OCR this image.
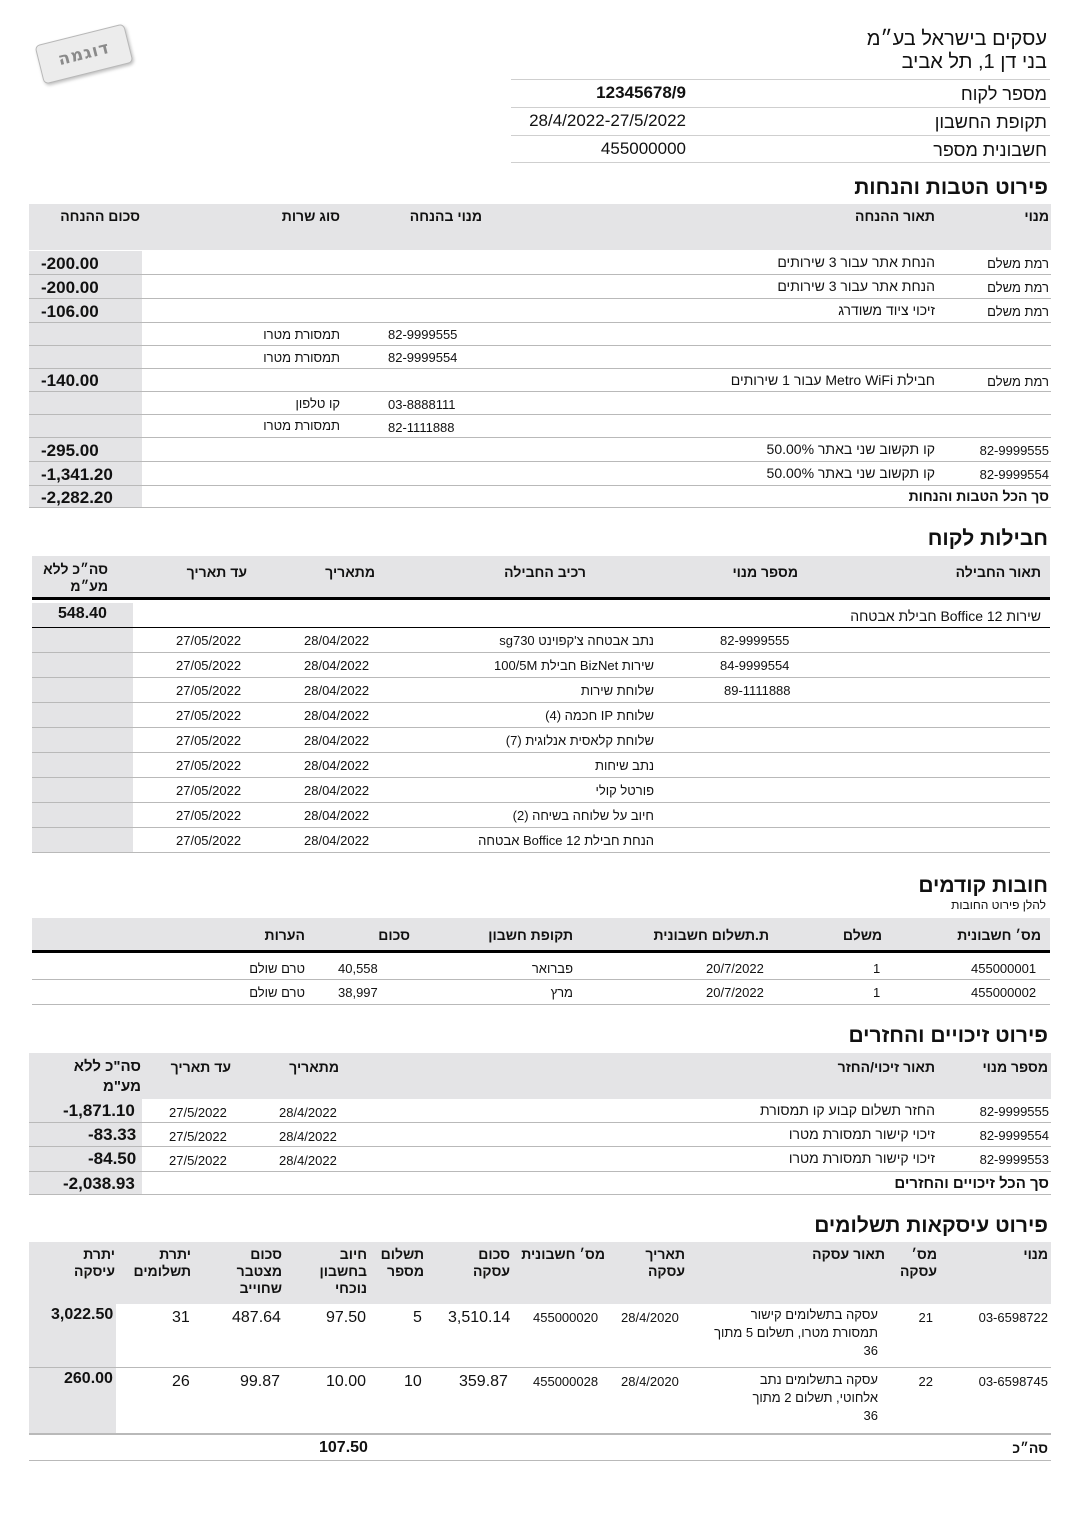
דוגמה	עסקים בישראל בע״מ
בני דן 1, תל אביב
מספר לקוח
12345678/9
תקופת החשבון
28/4/2022-27/5/2022
חשבונית מספר
455000000
פירוט הטבות והנחות
מנוי
תאור ההנחה
מנוי בהנחה
סוג שרות
סכום ההנחה
רמת משלם
הנחת אתר עבור 3 שירותים
-200.00
רמת משלם
הנחת אתר עבור 3 שירותים
-200.00
רמת משלם
זיכוי ציוד משודרג
-106.00
82-9999555
תמסורת מטרו
82-9999554
תמסורת מטרו
רמת משלם
חבילת Metro WiFi עבור 1 שירותים
-140.00
03-8888111
קו טלפון
82-1111888
תמסורת מטרו
82-9999555
קו תקשוב שני באתר 50.00%
-295.00
82-9999554
קו תקשוב שני באתר 50.00%
-1,341.20
סך הכל הטבות והנחות
-2,282.20
חבילות לקוח
תאור החבילה
מספר מנוי
רכיב החבילה
מתאריך
עד תאריך
סה״כ ללא מע״מ
שירות Boffice 12 חבילת אבטחה
548.40
82-9999555
נתב אבטחה צ'קפוינט sg730
28/04/2022
27/05/2022
84-9999554
שירות BizNet חבילת 100/5M
28/04/2022
27/05/2022
89-1111888
שלוחת שירות
28/04/2022
27/05/2022
שלוחת IP חכמה (4)
28/04/2022
27/05/2022
שלוחת קלאסית אנלוגית (7)
28/04/2022
27/05/2022
נתב שיחות
28/04/2022
27/05/2022
פורטל קולי
28/04/2022
27/05/2022
חיוב על שלוחה בשיחה (2)
28/04/2022
27/05/2022
הנחת חבילת Boffice 12 אבטחה
28/04/2022
27/05/2022
חובות קודמים
להלן פירוט החובות
מס׳ חשבונית
משלם
ת.תשלום חשבונית
תקופת חשבון
סכום
הערות
455000001
1
20/7/2022
פברואר
40,558
טרם שולם
455000002
1
20/7/2022
מרץ
38,997
טרם שולם
פירוט זיכויים והחזרים
מספר מנוי
תאור זיכוי/החזר
מתאריך
עד תאריך
סה"כ ללא מע"מ
82-9999555
החזר תשלום קבוע קו תמסורת
28/4/2022
27/5/2022
-1,871.10
82-9999554
זיכוי קישור תמסורת מטרו
28/4/2022
27/5/2022
-83.33
82-9999553
זיכוי קישור תמסורת מטרו
28/4/2022
27/5/2022
-84.50
סך הכל זיכויים והחזרים
-2,038.93
פירוט עיסקאות תשלומים
מנוי
מס׳
עסקה
תאור עסקה
תאריך
עסקה
מס׳ חשבונית
סכום
עסקה
תשלום
מספר
חיוב
בחשבון
נוכחי
סכום
מצטבר
שחוייב
יתרת
תשלומים
יתרת
עיסקה
03-6598722
21
עסקה בתשלומים קישור
תמסורת מטרו, תשלום 5 מתוך
36
28/4/2020
455000020
3,510.14
5
97.50
487.64
31
3,022.50
03-6598745
22
עסקה בתשלומים נתב
אלחוטי, תשלום 2 מתוך
36
28/4/2020
455000028
359.87
10
10.00
99.87
26
260.00
סה״כ
107.50
